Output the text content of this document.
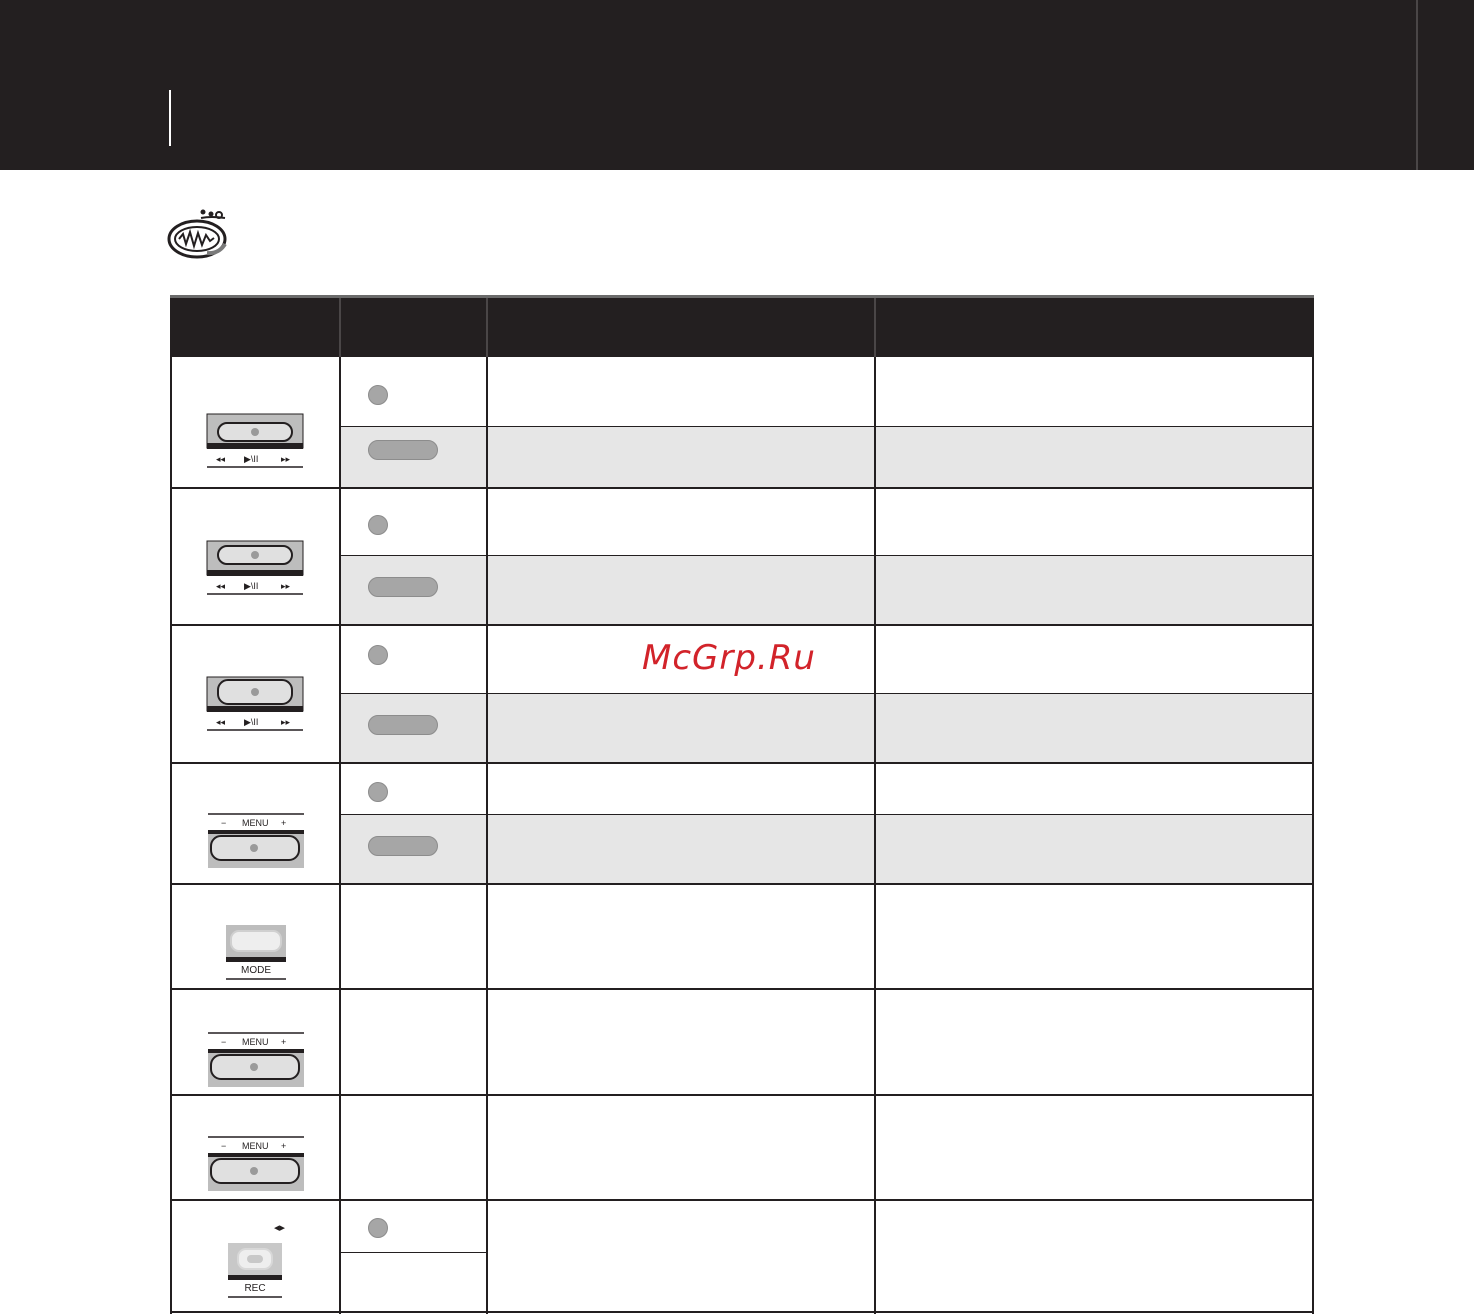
◂◂ ▶\II	▸▸
◂◂ ▶\II	▸▸
◂◂ ▶\II	▸▸
− MENU +
− MENU +
− MENU +
MODE
◂▸
REC
McGrp.Ru
